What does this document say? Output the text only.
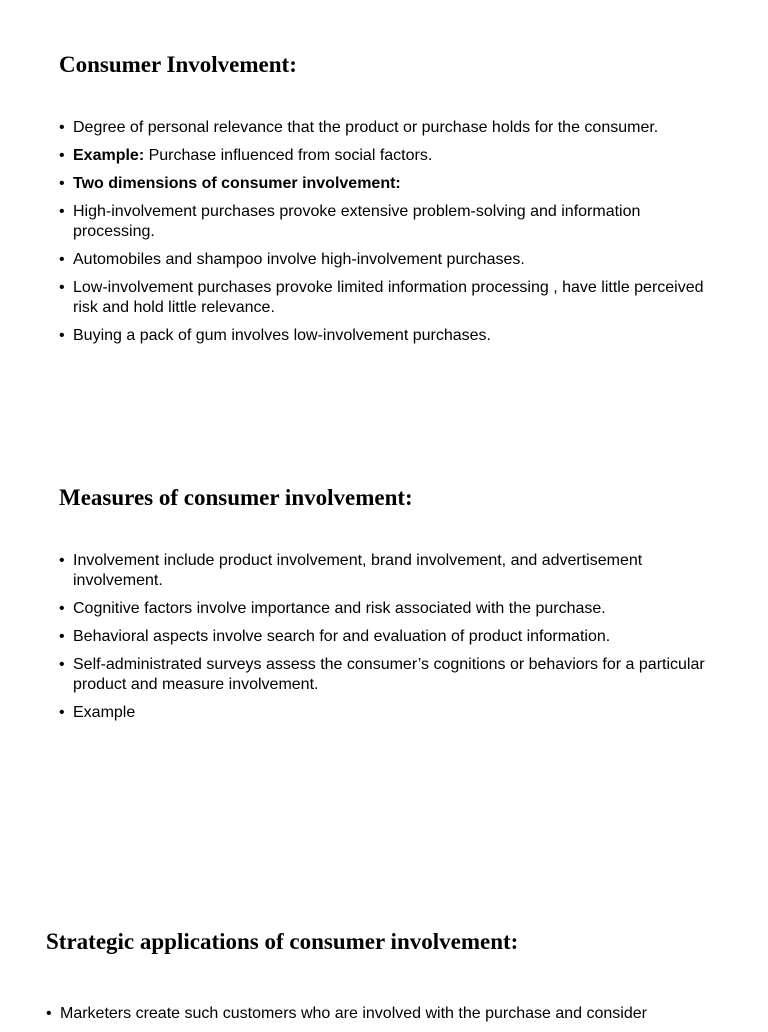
Consumer Involvement:
• Degree of personal relevance that the product or purchase holds for the consumer.
• Example: Purchase influenced from social factors.
• Two dimensions of consumer involvement:
• High-involvement purchases provoke extensive problem-solving and information processing.
• Automobiles and shampoo involve high-involvement purchases.
• Low-involvement purchases provoke limited information processing , have little perceived risk and hold little relevance.
• Buying a pack of gum involves low-involvement purchases.
Measures of consumer involvement:
• Involvement include product involvement, brand involvement, and advertisement involvement.
• Cognitive factors involve importance and risk associated with the purchase.
• Behavioral aspects involve search for and evaluation of product information.
• Self-administrated surveys assess the consumer’s cognitions or behaviors for a particular product and measure involvement.
• Example
Strategic applications of consumer involvement:
• Marketers create such customers who are involved with the purchase and consider
